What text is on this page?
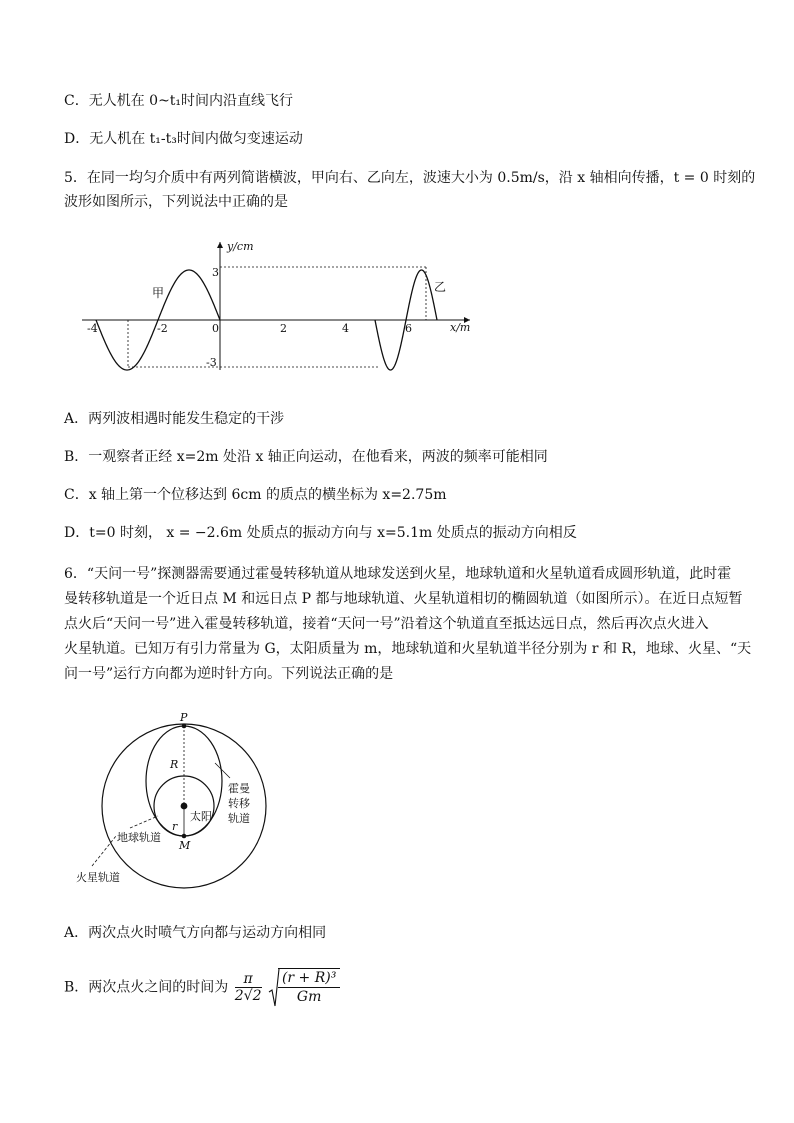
C．无人机在 0~t₁时间内沿直线飞行
D．无人机在 t₁-t₃时间内做匀变速运动
5．在同一均匀介质中有两列简谐横波，甲向右、乙向左，波速大小为 0.5m/s，沿 x 轴相向传播，t = 0 时刻的
波形如图所示，下列说法中正确的是
-4	-2	0	2	4	6
3
-3
y/cm
x/m
甲	乙
A．两列波相遇时能发生稳定的干涉
B．一观察者正经 x=2m 处沿 x 轴正向运动，在他看来，两波的频率可能相同
C．x 轴上第一个位移达到 6cm 的质点的横坐标为 x=2.75m
D．t=0 时刻， x = −2.6m 处质点的振动方向与 x=5.1m 处质点的振动方向相反
6．“天问一号”探测器需要通过霍曼转移轨道从地球发送到火星，地球轨道和火星轨道看成圆形轨道，此时霍
曼转移轨道是一个近日点 M 和远日点 P 都与地球轨道、火星轨道相切的椭圆轨道（如图所示）。在近日点短暂
点火后“天问一号”进入霍曼转移轨道，接着“天问一号”沿着这个轨道直至抵达远日点，然后再次点火进入
火星轨道。已知万有引力常量为 G，太阳质量为 m，地球轨道和火星轨道半径分别为 r 和 R，地球、火星、“天
问一号”运行方向都为逆时针方向。下列说法正确的是
P
M
R
r
太阳
霍曼
转移
轨道
地球轨道
火星轨道
A．两次点火时喷气方向都与运动方向相同
B．两次点火之间的时间为 $\frac{\pi}{2√2}$
$\frac{\text{(r + R)³}}{Gm}$
